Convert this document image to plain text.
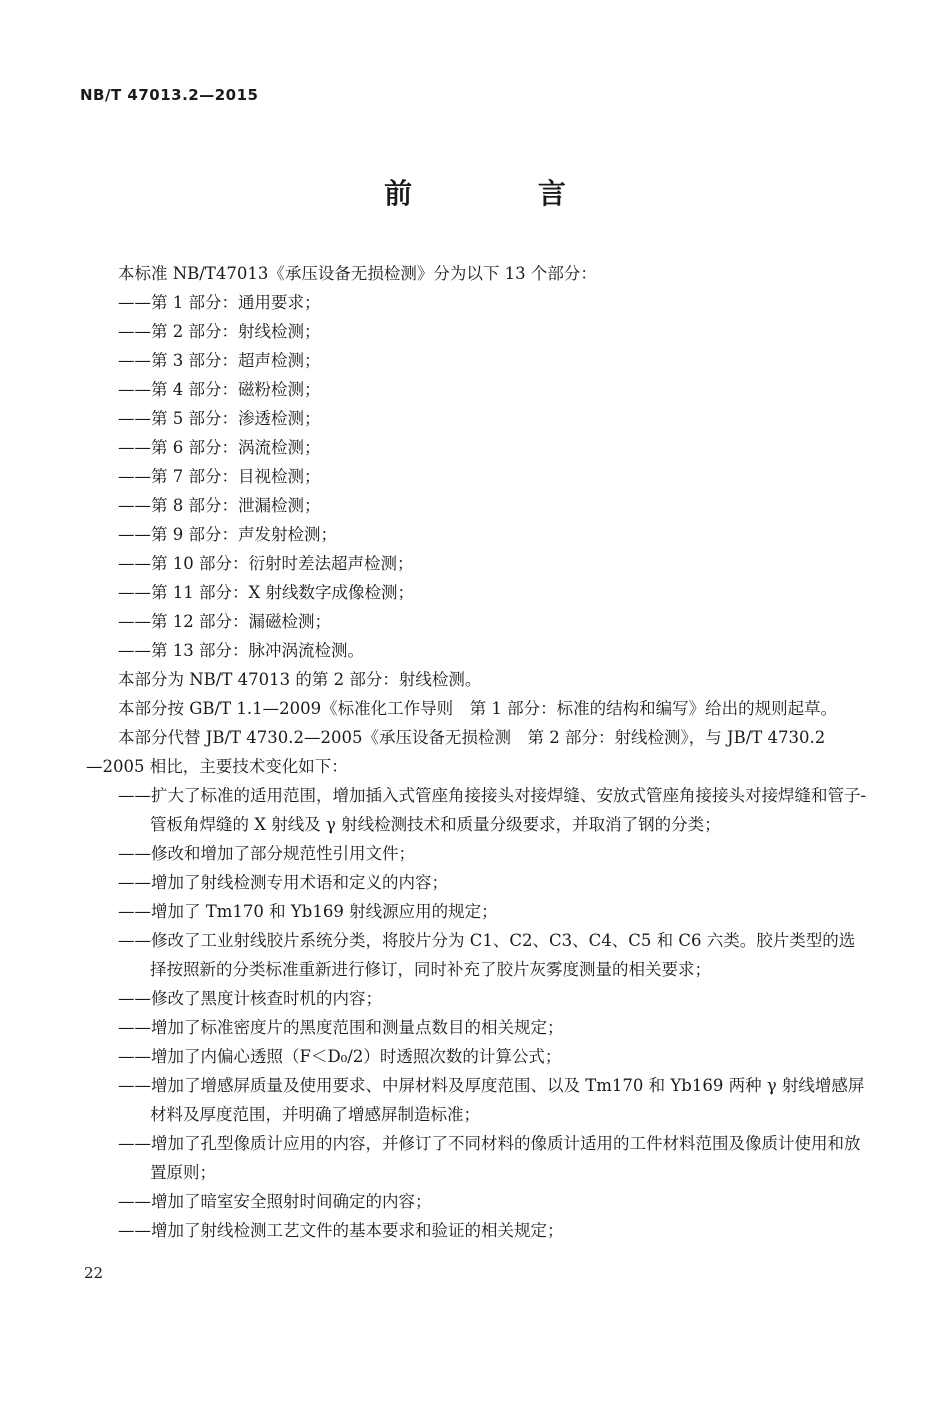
NB/T 47013.2—2015
前 言

本标准 NB/T47013《承压设备无损检测》分为以下 13 个部分：

——第 1 部分：通用要求；

——第 2 部分：射线检测；

——第 3 部分：超声检测；

——第 4 部分：磁粉检测；

——第 5 部分：渗透检测；

——第 6 部分：涡流检测；

——第 7 部分：目视检测；

——第 8 部分：泄漏检测；

——第 9 部分：声发射检测；

——第 10 部分：衍射时差法超声检测；

——第 11 部分：X 射线数字成像检测；

——第 12 部分：漏磁检测；

——第 13 部分：脉冲涡流检测。

本部分为 NB/T 47013 的第 2 部分：射线检测。

本部分按 GB/T 1.1—2009《标准化工作导则　第 1 部分：标准的结构和编写》给出的规则起草。

本部分代替 JB/T 4730.2—2005《承压设备无损检测　第 2 部分：射线检测》，与 JB/T 4730.2

—2005 相比，主要技术变化如下：

——扩大了标准的适用范围，增加插入式管座角接接头对接焊缝、安放式管座角接接头对接焊缝和管子-管板角焊缝的 X 射线及 γ 射线检测技术和质量分级要求，并取消了钢的分类；

——修改和增加了部分规范性引用文件；

——增加了射线检测专用术语和定义的内容；

——增加了 Tm170 和 Yb169 射线源应用的规定；

——修改了工业射线胶片系统分类，将胶片分为 C1、C2、C3、C4、C5 和 C6 六类。胶片类型的选择按照新的分类标准重新进行修订，同时补充了胶片灰雾度测量的相关要求；

——修改了黑度计核查时机的内容；

——增加了标准密度片的黑度范围和测量点数目的相关规定；

——增加了内偏心透照（F＜D₀/2）时透照次数的计算公式；

——增加了增感屏质量及使用要求、中屏材料及厚度范围、以及 Tm170 和 Yb169 两种 γ 射线增感屏材料及厚度范围，并明确了增感屏制造标准；

——增加了孔型像质计应用的内容，并修订了不同材料的像质计适用的工件材料范围及像质计使用和放置原则；

——增加了暗室安全照射时间确定的内容；

——增加了射线检测工艺文件的基本要求和验证的相关规定；

22
